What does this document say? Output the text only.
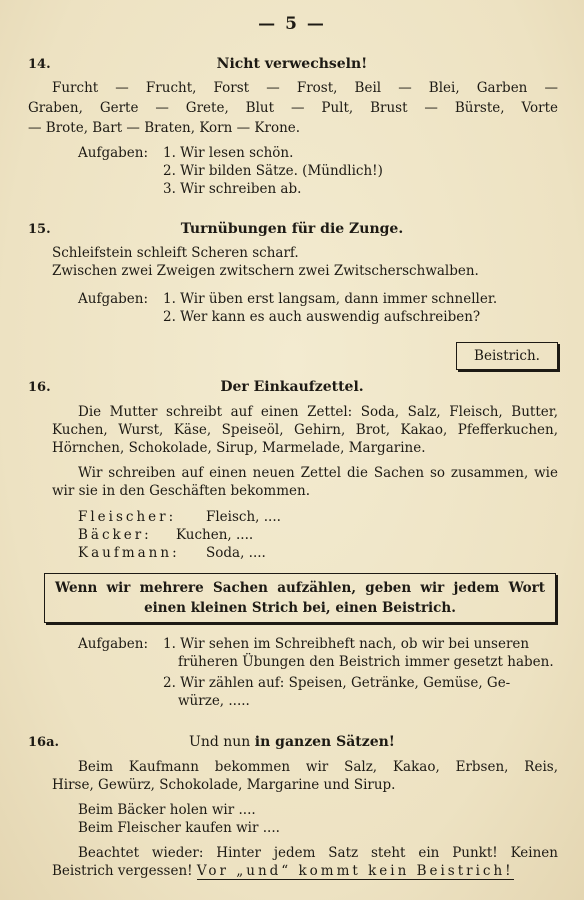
— 5 —
14.	Nicht verwechseln!
Furcht — Frucht, Forst — Frost, Beil — Blei, Garben —
Graben, Gerte — Grete, Blut — Pult, Brust — Bürste, Vorte
— Brote, Bart — Braten, Korn — Krone.
Aufgaben: 1. Wir lesen schön.
2. Wir bilden Sätze. (Mündlich!)
3. Wir schreiben ab.
15.	Turnübungen für die Zunge.
Schleifstein schleift Scheren scharf.
Zwischen zwei Zweigen zwitschern zwei Zwitscherschwalben.
Aufgaben: 1. Wir üben erst langsam, dann immer schneller.
2. Wer kann es auch auswendig aufschreiben?
Beistrich.
16.	Der Einkaufzettel.
Die Mutter schreibt auf einen Zettel: Soda, Salz, Fleisch, Butter,
Kuchen, Wurst, Käse, Speiseöl, Gehirn, Brot, Kakao, Pfefferkuchen,
Hörnchen, Schokolade, Sirup, Marmelade, Margarine.
Wir schreiben auf einen neuen Zettel die Sachen so zusammen, wie
wir sie in den Geschäften bekommen.
Fleischer: Fleisch, ....
Bäcker: Kuchen, ....
Kaufmann: Soda, ....
Wenn wir mehrere Sachen aufzählen, geben wir jedem Wort
einen kleinen Strich bei, einen Beistrich.
Aufgaben: 1. Wir sehen im Schreibheft nach, ob wir bei unseren
früheren Übungen den Beistrich immer gesetzt haben.
2. Wir zählen auf: Speisen, Getränke, Gemüse, Ge-
würze, .....
16a.	Und nun in ganzen Sätzen!
Beim Kaufmann bekommen wir Salz, Kakao, Erbsen, Reis,
Hirse, Gewürz, Schokolade, Margarine und Sirup.
Beim Bäcker holen wir ....
Beim Fleischer kaufen wir ....
Beachtet wieder: Hinter jedem Satz steht ein Punkt! Keinen
Beistrich vergessen! Vor „und“ kommt kein Beistrich!
